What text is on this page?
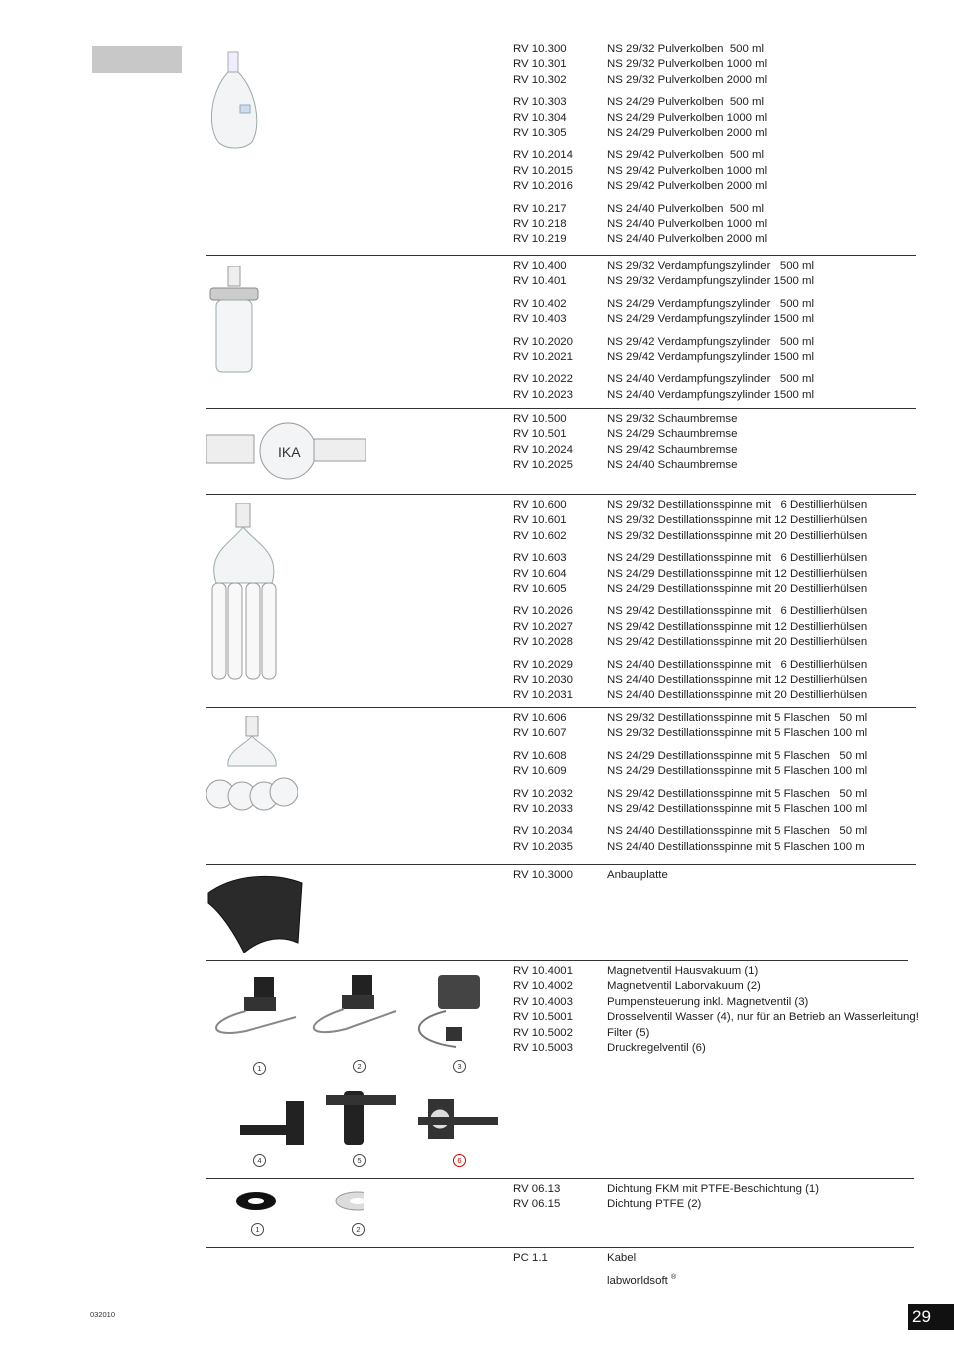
RV 10.300	NS 29/32 Pulverkolben  500 ml
RV 10.301	NS 29/32 Pulverkolben 1000 ml
RV 10.302	NS 29/32 Pulverkolben 2000 ml
RV 10.303	NS 24/29 Pulverkolben  500 ml
RV 10.304	NS 24/29 Pulverkolben 1000 ml
RV 10.305	NS 24/29 Pulverkolben 2000 ml
RV 10.2014	NS 29/42 Pulverkolben  500 ml
RV 10.2015	NS 29/42 Pulverkolben 1000 ml
RV 10.2016	NS 29/42 Pulverkolben 2000 ml
RV 10.217	NS 24/40 Pulverkolben  500 ml
RV 10.218	NS 24/40 Pulverkolben 1000 ml
RV 10.219	NS 24/40 Pulverkolben 2000 ml
RV 10.400	NS 29/32 Verdampfungszylinder   500 ml
RV 10.401	NS 29/32 Verdampfungszylinder 1500 ml
RV 10.402	NS 24/29 Verdampfungszylinder   500 ml
RV 10.403	NS 24/29 Verdampfungszylinder 1500 ml
RV 10.2020	NS 29/42 Verdampfungszylinder   500 ml
RV 10.2021	NS 29/42 Verdampfungszylinder 1500 ml
RV 10.2022	NS 24/40 Verdampfungszylinder   500 ml
RV 10.2023	NS 24/40 Verdampfungszylinder 1500 ml
IKA
RV 10.500	NS 29/32 Schaumbremse
RV 10.501	NS 24/29 Schaumbremse
RV 10.2024	NS 29/42 Schaumbremse
RV 10.2025	NS 24/40 Schaumbremse
RV 10.600	NS 29/32 Destillationsspinne mit   6 Destillierhülsen
RV 10.601	NS 29/32 Destillationsspinne mit 12 Destillierhülsen
RV 10.602	NS 29/32 Destillationsspinne mit 20 Destillierhülsen
RV 10.603	NS 24/29 Destillationsspinne mit   6 Destillierhülsen
RV 10.604	NS 24/29 Destillationsspinne mit 12 Destillierhülsen
RV 10.605	NS 24/29 Destillationsspinne mit 20 Destillierhülsen
RV 10.2026	NS 29/42 Destillationsspinne mit   6 Destillierhülsen
RV 10.2027	NS 29/42 Destillationsspinne mit 12 Destillierhülsen
RV 10.2028	NS 29/42 Destillationsspinne mit 20 Destillierhülsen
RV 10.2029	NS 24/40 Destillationsspinne mit   6 Destillierhülsen
RV 10.2030	NS 24/40 Destillationsspinne mit 12 Destillierhülsen
RV 10.2031	NS 24/40 Destillationsspinne mit 20 Destillierhülsen
RV 10.606	NS 29/32 Destillationsspinne mit 5 Flaschen   50 ml
RV 10.607	NS 29/32 Destillationsspinne mit 5 Flaschen 100 ml
RV 10.608	NS 24/29 Destillationsspinne mit 5 Flaschen   50 ml
RV 10.609	NS 24/29 Destillationsspinne mit 5 Flaschen 100 ml
RV 10.2032	NS 29/42 Destillationsspinne mit 5 Flaschen   50 ml
RV 10.2033	NS 29/42 Destillationsspinne mit 5 Flaschen 100 ml
RV 10.2034	NS 24/40 Destillationsspinne mit 5 Flaschen   50 ml
RV 10.2035	NS 24/40 Destillationsspinne mit 5 Flaschen 100 m
RV 10.3000	Anbauplatte
RV 10.4001	Magnetventil Hausvakuum (1)
RV 10.4002	Magnetventil Laborvakuum (2)
RV 10.4003	Pumpensteuerung inkl. Magnetventil (3)
RV 10.5001	Drosselventil Wasser (4), nur für an Betrieb an Wasserleitung!
RV 10.5002	Filter (5)
RV 10.5003	Druckregelventil (6)
RV 06.13	Dichtung FKM mit PTFE-Beschichtung (1)
RV 06.15	Dichtung PTFE (2)
PC 1.1	Kabel
labworldsoft ®
1	2	3
4	5	6
1	2
032010	29
